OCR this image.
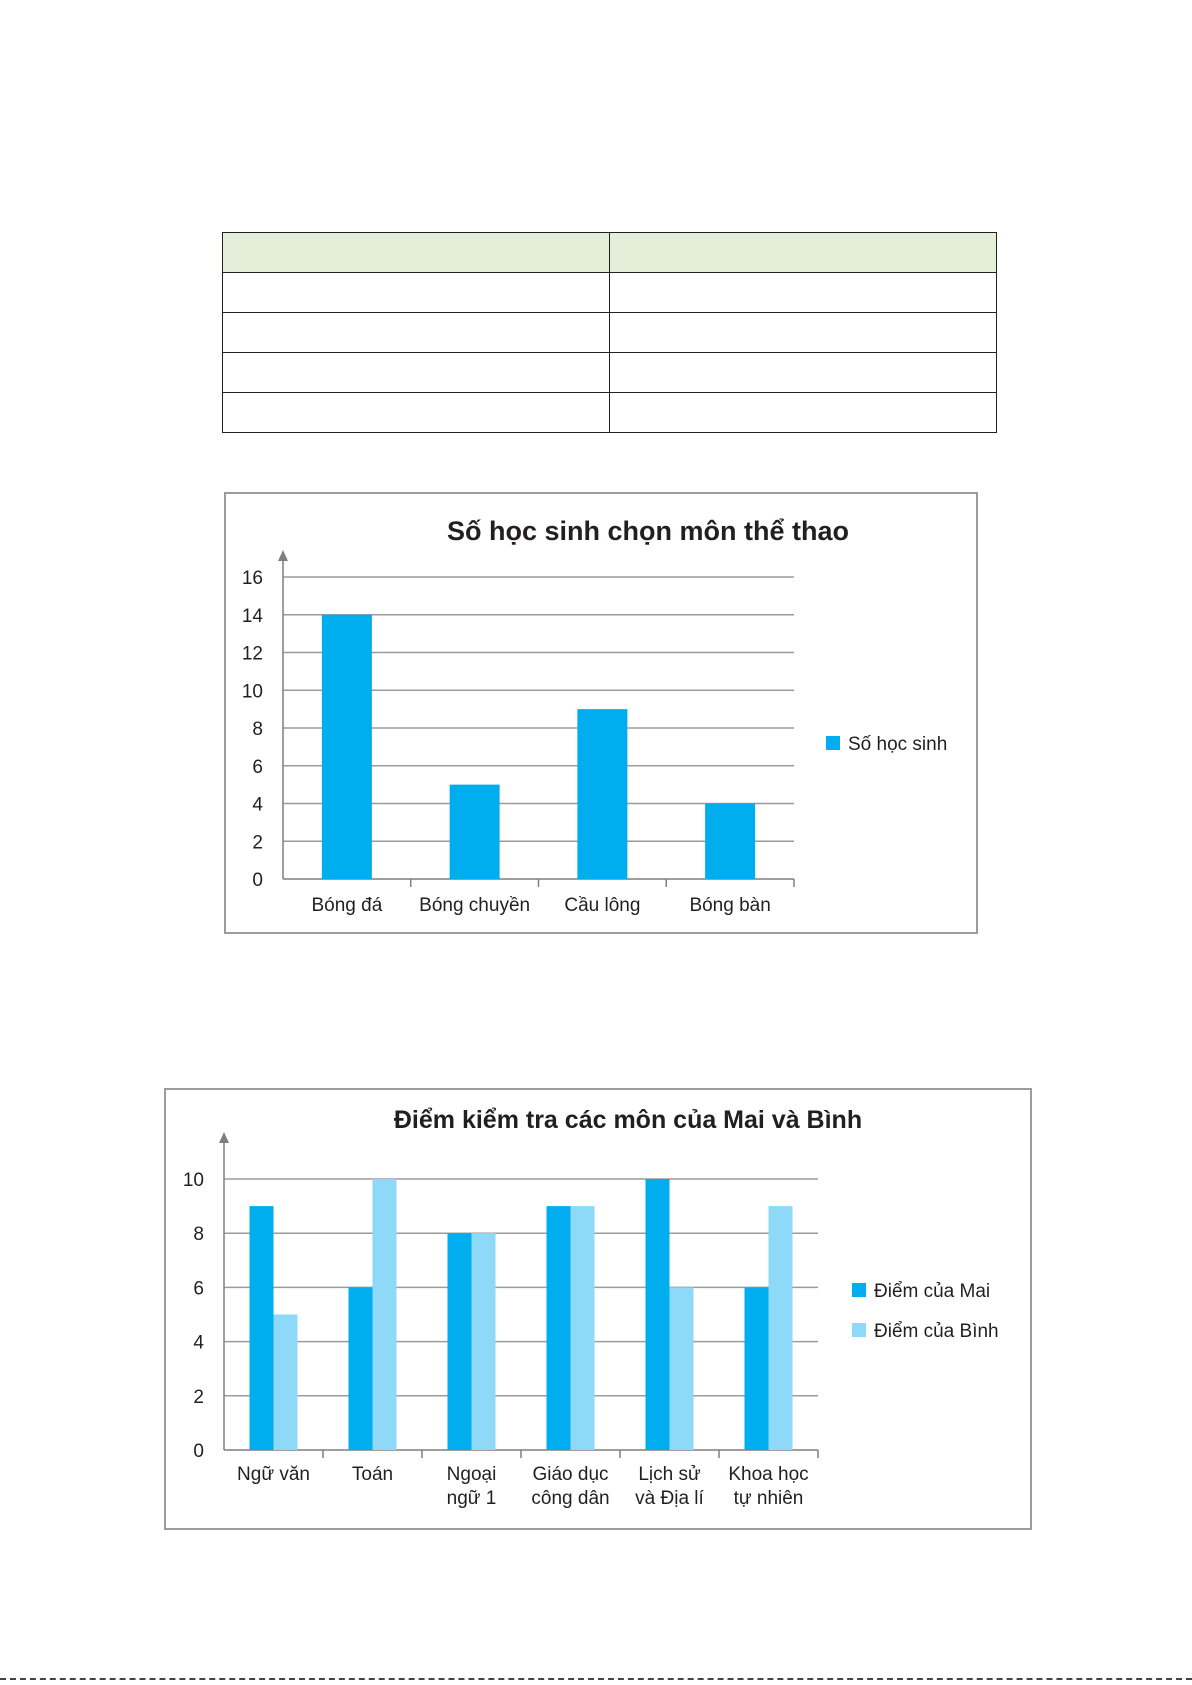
Số học sinh chọn môn thể thao
0
2
4
6
8
10
12
14
16
Bóng đá Bóng chuyền Cầu lông	Bóng bàn
Số học sinh
Điểm kiểm tra các môn của Mai và Bình
0
2
4
6
8
10
Ngữ văn Toán	Ngoại
ngữ 1
Giáo dục
công dân
Lịch sử
và Địa lí
Khoa học
tự nhiên
Điểm của Mai
Điểm của Bình
